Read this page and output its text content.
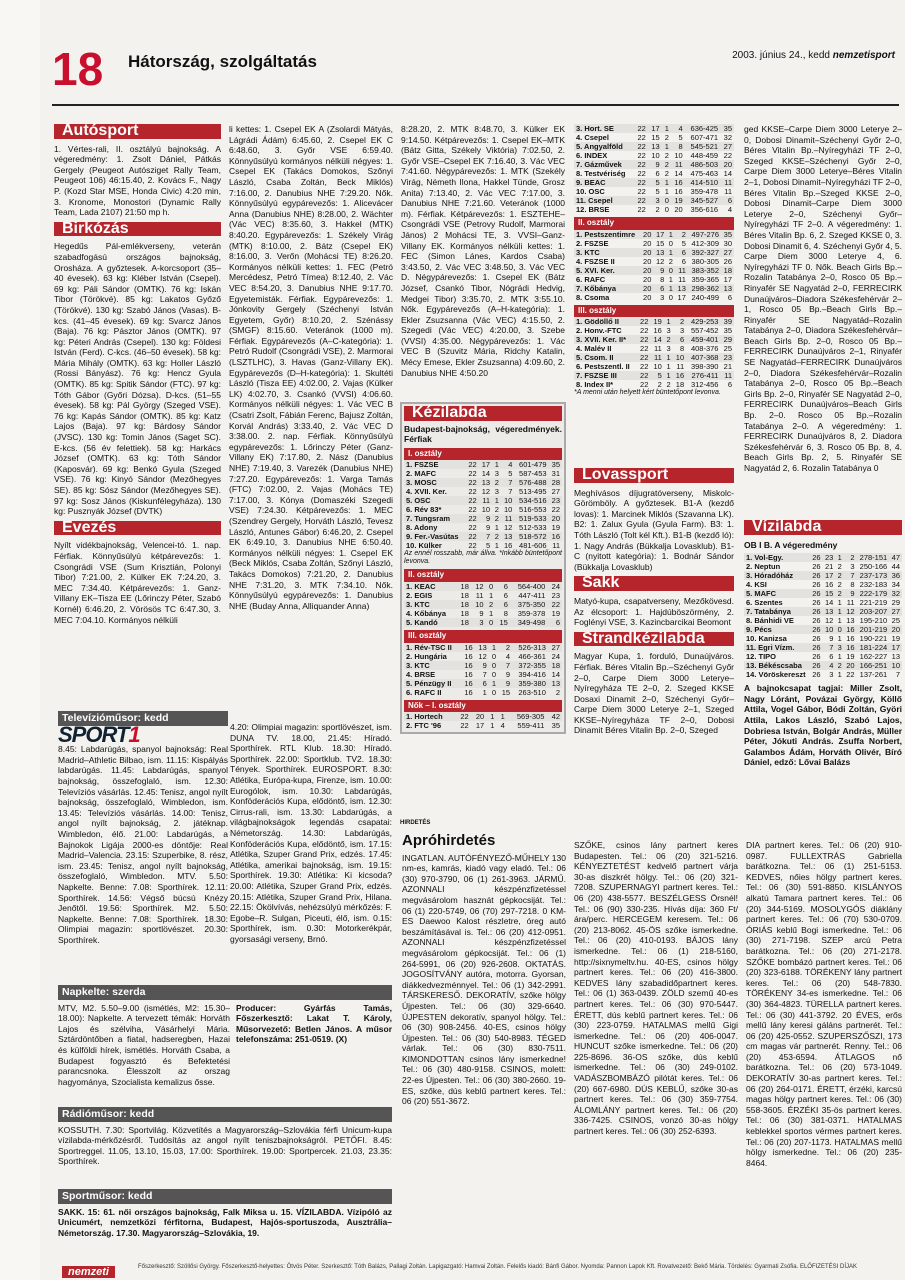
18 Hátország, szolgáltatás	2003. június 24., kedd nemzetisport
Autósport

1. Vértes-rali, II. osztályú bajnokság. A végeredmény: 1. Zsolt Dániel, Pátkás Gergely (Peugeot Autósziget Rally Team, Peugeot 106) 46:15.40, 2. Kovács F., Nagy P. (Kozd Star MSE, Honda Civic) 4:20 min, 3. Kronome, Monostori (Dynamic Rally Team, Lada 2107) 21:50 mp h.

Birkózás

Hegedűs Pál-emlékverseny, veterán szabadfogású országos bajnokság, Orosháza. A győztesek. A-korcsoport (35–40 évesek). 63 kg: Kléber István (Csepel). 69 kg: Páli Sándor (OMTK). 76 kg: Iskán Tibor (Törökvé). 85 kg: Lakatos Győző (Törökvé). 130 kg: Szabó János (Vasas). B-kcs. (41–45 évesek). 69 kg: Svarcz János (Baja). 76 kg: Pásztor János (OMTK). 97 kg: Péteri András (Csepel). 130 kg: Földesi István (Ferd). C-kcs. (46–50 évesek). 58 kg: Mária Mihály (OMTK). 63 kg: Holler László (Rossi Bányász). 76 kg: Hencz Gyula (OMTK). 85 kg: Spitik Sándor (FTC). 97 kg: Tóth Gábor (Győri Dózsa). D-kcs. (51–55 évesek). 58 kg: Pál György (Szeged VSE). 76 kg: Kapás Sándor (OMTK). 85 kg: Katz Lajos (Baja). 97 kg: Bárdosy Sándor (JVSC). 130 kg: Tomin János (Saget SC). E-kcs. (56 év felettiek). 58 kg: Harkács József (OMTK). 63 kg: Tóth Sándor (Kaposvár). 69 kg: Benkó Gyula (Szeged VSE). 76 kg: Kinyó Sándor (Mezőhegyes SE). 85 kg: Sósz Sándor (Mezőhegyes SE). 97 kg: Sosz János (Kiskunfélegyháza). 130 kg: Pusznyák József (DVTK)

Evezés

Nyílt vidékbajnokság, Velencei-tó. 1. nap. Férfiak. Könnyűsúlyú kétpárevezős: 1. Csongrádi VSE (Sum Krisztián, Polonyi Tibor) 7:21.00, 2. Külker EK 7:24.20, 3. MEC 7:34.40. Kétpárevezős: 1. Ganz-Villany EK–Tisza EE (Lőrinczy Péter, Szabó Kornél) 6:46.20, 2. Vörösös TC 6:47.30, 3. MEC 7:04.10. Kormányos nélküli

li kettes: 1. Csepel EK A (Zsolardi Mátyás, Lágrádi Ádám) 6:45.60, 2. Csepel EK C 6:48.60, 3. Győr VSE 6:59.40. Könnyűsúlyú kormányos nélküli négyes: 1. Csepel EK (Takács Domokos, Szőnyi László, Csaba Zoltán, Beck Miklós) 7:16.00, 2. Danubius NHE 7:29.20. Nők. Könnyűsúlyú egypárevezős: 1. Alicevácer Anna (Danubius NHE) 8:28.00, 2. Wächter (Vác VEC) 8:35.60, 3. Hakkel (MTK) 8:40.20. Egypárevezős: 1. Székely Virág (MTK) 8:10.00, 2. Bátz (Csepel EK) 8:16.00, 3. Verőn (Mohácsi TE) 8:26.20. Kormányos nélküli kettes: 1. FEC (Petró Mercédesz, Petró Tímea) 8:12.40, 2. Vác VEC 8:54.20, 3. Danubius NHE 9:17.70. Egyetemisták. Férfiak. Egypárevezős: 1. Jónkovity Gergely (Széchenyi István Egyetem, Győr) 8:10.20, 2. Szénássy (SMGF) 8:15.60. Veteránok (1000 m). Férfiak. Egypárevezős (A–C-kategória): 1. Petró Rudolf (Csongrádi VSE), 2. Marmorai (LSZTLHC), 3. Havas (Ganz-Villany EK). Egypárevezős (D–H-kategória): 1. Skultéti László (Tisza EE) 4:02.00, 2. Vajas (Külker LK) 4:02.70, 3. Csankó (VVSI) 4:06.60. Kormányos nélküli négyes: 1. Vác VEC B (Csatri Zsolt, Fábián Ferenc, Bajusz Zoltán, Korvál András) 3:33.40, 2. Vác VEC D 3:38.00. 2. nap. Férfiak. Könnyűsúlyú egypárevezős: 1. Lőrinczy Péter (Ganz-Villany EK) 7:17.80, 2. Nász (Danubius NHE) 7:19.40, 3. Varezék (Danubius NHE) 7:27.20. Egypárevezős: 1. Varga Tamás (FTC) 7:02.00, 2. Vajas (Mohács TE) 7:17.00, 3. Kónya (Domaszéki Szegedi VSE) 7:24.30. Kétpárevezős: 1. MEC (Szendrey Gergely, Horváth László, Tevesz László, Antunes Gábor) 6:46.20, 2. Csepel EK 6:49.10, 3. Danubius NHE 6:50.40. Kormányos nélküli négyes: 1. Csepel EK (Beck Miklós, Csaba Zoltán, Szőnyi László, Takács Domokos) 7:21.20, 2. Danubius NHE 7:31.20, 3. MTK 7:34.10. Nők. Könnyűsúlyú egypárevezős: 1. Danubius NHE (Buday Anna, Alliquander Anna)

8:28.20, 2. MTK 8:48.70, 3. Külker EK 9:14.50. Kétpárevezős: 1. Csepel EK–MTK (Bátz Gitta, Székely Viktória) 7:02.50, 2. Győr VSE–Csepel EK 7:16.40, 3. Vác VEC 7:41.60. Négypárevezős: 1. MTK (Szekély Virág, Németh Ilona, Hakkel Tünde, Grosz Anita) 7:13.40, 2. Vác VEC 7:17.00, 3. Danubius NHE 7:21.60. Veteránok (1000 m). Férfiak. Kétpárevezős: 1. ESZTEHE–Csongrádi VSE (Petrovy Rudolf, Marmorai János) 2 Mohácsi TE, 3. VVSI–Ganz-Villany EK. Kormányos nélküli kettes: 1. FEC (Simon Lánes, Kardos Csaba) 3:43.50, 2. Vác VEC 3:48.50, 3. Vác VEC D. Négypárevezős: 1. Csepel EK (Bátz József, Csankó Tibor, Nógrádi Hedvig, Medgei Tibor) 3:35.70, 2. MTK 3:55.10. Nők. Egypárevezős (A–H-kategória): 1. Ekler Zsuzsanna (Vác VEC) 4:15.50, 2. Szegedi (Vác VEC) 4:20.00, 3. Szebe (VVSI) 4:35.00. Négypárevezős: 1. Vác VEC B (Szuvitz Mária, Ridchy Katalin, Mécy Emese, Ekler Zsuzsanna) 4:09.60, 2. Danubius NHE 4:50.20

Kézilabda

Budapest-bajnokság, végeredmények. Férfiak

I. osztály
1. FSZSE	22	17	1	4	601-479	35
2. MAFC	22	14	3	5	587-453	31
3. MOSC	22	13	2	7	576-488	28
4. XVII. Ker.	22	12	3	7	513-495	27
5. OSC	22	11	1	10	534-516	23
6. Rév 83*	22	10	2	10	516-553	22
7. Tungsram	22	9	2	11	519-533	20
8. Adony	22	9	1	12	512-533	19
9. Fer.-Vasútas	22	7	2	13	518-572	16
10. Külker	22	5	1	16	481-606	11

Az ennél rosszabb, már állva. *Inkább büntetőpont levonva.

II. osztály
1. KEAC	18	12	0	6	564-400	24
2. EGIS	18	11	1	6	447-411	23
3. KTC	18	10	2	6	375-350	22
4. Kőbánya	18	9	1	8	359-378	19
5. Kandó	18	3	0	15	349-498	6
III. osztály
1. Rév-TSC II	16	13	1	2	526-313	27
2. Hungária	16	12	0	4	466-361	24
3. KTC	16	9	0	7	372-355	18
4. BRSE	16	7	0	9	394-416	14
5. Pénzügy II	16	6	1	9	359-380	13
6. RAFC II	16	1	0	15	263-510	2
Nők – I. osztály
1. Hortech	22	20	1	1	569-305	42
2. FTC '96	22	17	1	4	559-411	35
3. Hort. SE	22	17	1	4	636-425	35
4. Csepel	22	15	2	5	607-471	32
5. Angyalföld	22	13	1	8	545-521	27
6. INDEX	22	10	2	10	448-459	22
7. Gázművek	22	9	2	11	486-503	20
8. Testvériség	22	6	2	14	475-463	14
9. BEAC	22	5	1	16	414-510	11
10. OSC	22	5	1	16	359-478	11
11. Csepel	22	3	0	19	345-527	6
12. BRSE	22	2	0	20	356-616	4
II. osztály
1. Pestszentimre	20	17	1	2	497-276	35
2. FSZSE	20	15	0	5	412-309	30
3. KTC	20	13	1	6	392-327	27
4. FSZSE II	20	12	2	6	380-305	26
5. XVI. Ker.	20	9	0	11	383-352	18
6. RAFC	20	8	1	11	359-365	17
7. Kőbánya	20	6	1	13	298-362	13
8. Csoma	20	3	0	17	240-499	6
III. osztály
1. Gödöllő II	22	19	1	2	429-253	39
2. Honv.-FTC	22	16	3	3	557-452	35
3. XVII. Ker. II*	22	14	2	6	459-401	29
4. Malév II	22	11	3	8	408-376	25
5. Csom. II	22	11	1	10	407-368	23
6. Pestszentl. II	22	10	1	11	398-390	21
7. FSZSE III	22	5	1	16	276-411	11
8. Index II*	22	2	2	18	312-456	6

*A menni után helyett kért büntetőpont levonva.

Lovassport

Meghívásos díjugratóverseny, Miskolc-Görömböly. A győztesek. B1-A (kezdő lovas): 1. Marcinek Miklós (Szavanna LK). B2: 1. Zalux Gyula (Gyula Farm). B3: 1. Tóth László (Tolt kél Kft.). B1-B (kezdő ló): 1. Nagy András (Bükkalja Lovasklub). B1-C (nyitott kategória): 1. Bodnár Sándor (Bükkalja Lovasklub)

Sakk

Matyó-kupa, csapatverseny, Mezőkövesd. Az élcsoport: 1. Hajdúböszörmény, 2. Foglényi VSE, 3. Kazincbarcikai Beomont

Strandkézilabda

Magyar Kupa, 1. forduló, Dunaújváros. Férfiak. Béres Vitalin Bp.–Széchenyi Győr 2–0, Carpe Diem 3000 Leterye–Nyíregyháza TE 2–0, 2. Szeged KKSE Dosaxi Dinamit 2–0, Széchenyi Győr–Carpe Diem 3000 Leterye 2–1, Szeged KKSE–Nyíregyháza TF 2–0, Dobosi Dinamit Béres Vitalin Bp. 2–0, Szeged

ged KKSE–Carpe Diem 3000 Leterye 2–0, Dobosi Dinamit–Széchenyi Győr 2–0, Béres Vitalin Bp.–Nyíregyházi TF 2–0, Szeged KKSE–Széchenyi Győr 2–0, Carpe Diem 3000 Leterye–Béres Vitalin 2–1, Dobosi Dinamit–Nyíregyházi TF 2–0, Béres Vitalin Bp.–Szeged KKSE 2–0, Dobosi Dinamit–Carpe Diem 3000 Leterye 2–0, Széchenyi Győr–Nyíregyházi TF 2–0. A végeredmény: 1. Béres Vitalin Bp. 6, 2. Szeged KKSE 0, 3. Dobosi Dinamit 6, 4. Széchenyi Győr 4, 5. Carpe Diem 3000 Leterye 4, 6. Nyíregyházi TF 0. Nők. Beach Girls Bp.–Rozalin Tatabánya 2–0, Rosco 05 Bp.–Rinyafér SE Nagyatád 2–0, FERRECIRK Dunaújváros–Diadora Székesfehérvár 2–1, Rosco 05 Bp.–Beach Girls Bp.–Rinyafér SE Nagyatád–Rozalin Tatabánya 2–0, Diadora Székesfehérvár–Beach Girls Bp. 2–0, Rosco 05 Bp.–FERRECIRK Dunaújváros 2–1, Rinyafér SE Nagyatád–FERRECIRK Dunaújváros 2–0, Diadora Székesfehérvár–Rozalin Tatabánya 2–0, Rosco 05 Bp.–Beach Girls Bp. 2–0, Rinyafér SE Nagyatád 2–0, FERRECIRK Dunaújváros–Beach Girls Bp. 2–0. Rosco 05 Bp.–Rozalin Tatabánya 2–0. A végeredmény: 1. FERRECIRK Dunaújváros 8, 2. Diadora Székesfehérvár 6, 3. Rosco 05 Bp. 8, 4. Beach Girls Bp. 2, 5. Rinyafér SE Nagyatád 2, 6. Rozalin Tatabánya 0

Vízilabda

OB I B. A végeredmény

1. Vol-Egy.	26	23	1	2	278-151	47
2. Neptun	26	21	2	3	250-166	44
3. Hóradóház	26	17	2	7	237-173	36
4. KSI	26	16	2	8	232-183	34
5. MAFC	26	15	2	9	222-179	32
6. Szentes	26	14	1	11	221-219	29
7. Tatabánya	26	13	1	12	203-207	27
8. Bánhidi VE	26	12	1	13	195-210	25
9. Pécs	26	10	0	16	201-219	20
10. Kanizsa	26	9	1	16	190-221	19
11. Egri Vízm.	26	7	3	16	181-224	17
12. TIPO	26	6	1	19	162-227	13
13. Békéscsaba	26	4	2	20	166-251	10
14. Vöröskereszt	26	3	1	22	137-261	7

A bajnokcsapat tagjai: Miller Zsolt, Nagy Lóránt, Povázai György, Köllő Attila, Vogel Gábor, Bódi Zoltán, Györi Attila, Lakos László, Szabó Lajos, Dobriesa István, Bolgár András, Müller Péter, Jókuti András. Zsuffa Norbert, Galambos Ádám, Horváth Olivér, Bíró Dániel, edző: Lővai Balázs

Televízióműsor: kedd
SPORT1

8.45: Labdarúgás, spanyol bajnokság: Real Madrid–Athletic Bilbao, ism. 11.15: Kispályás labdarúgás. 11.45: Labdarúgás, spanyol bajnokság, összefoglaló, ism. 12.30: Televíziós vásárlás. 12.45: Tenisz, angol nyílt bajnokság, összefoglaló, Wimbledon, ism. 13.45: Televíziós vásárlás. 14.00: Tenisz, angol nyílt bajnokság, 2. játéknap. Wimbledon, élő. 21.00: Labdarúgás, a Bajnokok Ligája 2000-es döntője: Real Madrid–Valencia. 23.15: Szuperbike, 8. rész, ism. 23.45: Tenisz, angol nyílt bajnokság, összefoglaló, Wimbledon. MTV. 5.50: Napkelte. Benne: 7.08: Sporthírek. 12.11: Sporthírek. 14.56: Végső búcsú Knézy Jenőtől. 19.56: Sporthírek. M2. 5.50: Napkelte. Benne: 7.08: Sporthírek. 18.30: Olimpiai magazin: sportlövészet. 20.30: Sporthírek.

4.20: Olimpiai magazin: sportlövészet, ism. DUNA TV. 18.00, 21.45: Híradó. Sporthírek. RTL Klub. 18.30: Híradó. Sporthírek. 22.00: Sportklub. TV2. 18.30: Tények. Sporthírek. EUROSPORT. 8.30: Atlétika, Európa-kupa, Firenze, ism. 10.00: Eurogólok, ism. 10.30: Labdarúgás, Konföderációs Kupa, elődöntő, ism. 12.30: Cirrus-rali, ism. 13.30: Labdarúgás, a világbajnokságok legendás csapatai: Németország. 14.30: Labdarúgás, Konföderációs Kupa, elődöntő, ism. 17.15: Atlétika, Szuper Grand Prix, edzés. 17.45: Atlétika, amerikai bajnokság, ism. 19.15: Sporthírek. 19.30: Atlétika: Ki kicsoda? 20.00: Atlétika, Szuper Grand Prix, edzés. 20.15: Atlétika, Szuper Grand Prix, Hilana. 22.15: Ökölvívás, nehézsúlyú mérkőzés: F. Egobe–R. Sulgan, Piceuti, élő, ism. 0.15: Sporthírek, ism. 0.30: Motorkerékpár, gyorsasági verseny, Brnó.

Napkelte: szerda

MTV, M2. 5.50–9.00 (ismétlés, M2: 15.30–18.00): Napkelte. A tervezett témák: Horváth Lajos és szélviha, Vásárhelyi Mária. Sztárdöntőben a fiatal, hadseregben, Hazai és külföldi hírek, ismétlés. Horváth Csaba, a Budapest fogyasztó és Befektetési parancsnoka. Élesszolt az orszag hagyománya, Szocialista kemalizus ősse.

Producer: Gyárfás Tamás, Főszerkesztő: Lakat T. Károly, Műsorvezető: Betlen János. A műsor telefonszáma: 251-0519. (X)

Rádióműsor: kedd

KOSSUTH. 7.30: Sportvilág. Közvetítés a Magyarország–Szlovákia férfi Unicum-kupa vízilabda-mérkőzésről. Tudósítás az angol nyílt teniszbajnokságról. PETŐFI. 8.45: Sportreggel. 11.05, 13.10, 15.03, 17.00: Sporthírek. 19.00: Sportpercek. 21.03, 23.35: Sporthírek.

Sportműsor: kedd

SAKK. 15: 61. női országos bajnokság, Falk Miksa u. 15. VÍZILABDA. Vízipóló az Unicumért, nemzetközi férfitorna, Budapest, Hajós-sportuszoda, Ausztrália–Németország. 17.30. Magyarország–Szlovákia, 19.

HIRDETÉS
Apróhirdetés

INGATLAN. AUTÓFÉNYEZŐ-MŰHELY 130 nm-es, kamrás, kiadó vagy eladó. Tel.: 06 (30) 970-3790, 06 (1) 261-3963. JÁRMŰ. AZONNALI készpénzfizetéssel megvásárolom hasznát gépkocsiját. Tel.: 06 (1) 220-5749, 06 (70) 297-7218. 0 KM-ES Daewoo Kalost részletre, óreg autó beszámításával is. Tel.: 06 (20) 412-0951. AZONNALI készpénzfizetéssel megvásárolom gépkocsiját. Tel.: 06 (1) 264-5991, 06 (20) 926-2608. OKTATÁS. JOGOSÍTVÁNY autóra, motorra. Gyorsan, diákkedvezménnyel. Tel.: 06 (1) 342-2991. TÁRSKERESŐ. DEKORATÍV, szőke hölgy Újpesten. Tel.: 06 (30) 329-6640. ÚJPESTEN dekoratív, spanyol hölgy. Tel.: 06 (30) 908-2456. 40-ES, csinos hölgy Újpesten. Tel.: 06 (30) 540-8983. TÉGED várlak. Tel.: 06 (30) 830-7511. KIMONDOTTAN csinos lány ismerkedne! Tel.: 06 (30) 480-9158. CSINOS, molett: 22-es Újpesten. Tel.: 06 (30) 380-2660. 19-ES, szőke, dús keblű partnert keres. Tel.: 06 (20) 551-3672.

SZŐKE, csinos lány partnert keres Budapesten. Tel.: 06 (20) 321-5216. KÉNYEZTETÉST kedvelő partnert várja 30-as diszkrét hölgy. Tel.: 06 (20) 321-7208. SZUPERNAGYI partnert keres. Tel.: 06 (20) 438-5577. BESZÉLGESS Örsnél! Tel.: 06 (90) 330-235. Hívás díja: 360 Ft/ára/perc. HERCEGEM keresem. Tel.: 06 (20) 213-8062. 45-ÖS szőke ismerkedne. Tel.: 06 (20) 410-0193. BÁJOS lány ismerkedne. Tel.: 06 (1) 218-5160, http://sixnymeltv.hu. 40-ES, csinos hölgy partnert keres. Tel.: 06 (20) 416-3800. KEDVES lány szabadidőpartnert keres. Tel.: 06 (1) 363-0439. ZÖLD szemű 40-es partnert keres. Tel.: 06 (30) 970-5447. ÉRETT, dús keblű partnert keres. Tel.: 06 (30) 223-0759. HATALMAS mellű Gigi ismerkedne. Tel.: 06 (20) 406-0047. HUNCUT szőke ismerkedne. Tel.: 06 (20) 225-8696. 36-OS szőke, dús keblű ismerkedne. Tel.: 06 (30) 249-0102. VADÁSZBOMBÁZÓ pilótát keres. Tel.: 06 (20) 667-6980. DÚS KEBLŰ, szőke 30-as partnert keres. Tel.: 06 (30) 359-7754. ÁLOMLÁNY partnert keres. Tel.: 06 (20) 336-7425. CSINOS, vonzó 30-as hölgy partnert keres. Tel.: 06 (30) 252-6393.

DIA partnert keres. Tel.: 06 (20) 910-0987. FULLEXTRÁS Gabriella barátkozna. Tel.: 06 (1) 251-5153. KEDVES, nőies hölgy partnert keres. Tel.: 06 (30) 591-8850. KISLÁNYOS alkatú Tamara partnert keres. Tel.: 06 (20) 344-5169. MOSOLYGÓS diáklány partnert keres. Tel.: 06 (70) 530-0709. ÓRIÁS keblű Bogi ismerkedne. Tel.: 06 (30) 271-7198. SZEP arcú Petra barátkozna. Tel.: 06 (20) 271-2178. SZŐKE bombázó partnert keres. Tel.: 06 (20) 323-6188. TÖRÉKENY lány partnert keres. Tel.: 06 (20) 548-7830. TÖRÉKENY 34-es ismerkedne. Tel.: 06 (30) 364-4823. TÜRELLA partnert keres. Tel.: 06 (30) 441-3792. 20 ÉVES, erős mellű lány keresi gáláns partnerét. Tel.: 06 (20) 425-0552. SZUPERSZŐSZI, 173 cm magas vár partnerét. Renny. Tel.: 06 (20) 453-6594. ÁTLAGOS nő barátkozna. Tel.: 06 (20) 573-1049. DEKORATÍV 30-as partnert keres. Tel.: 06 (20) 264-0171. ÉRETT, érzéki, karcsú magas hölgy partnert keres. Tel.: 06 (30) 558-3605. ÉRZÉKI 35-ös partnert keres. Tel.: 06 (30) 381-0371. HATALMAS keblekkel sportos vérmes partnert keres. Tel.: 06 (20) 207-1173. HATALMAS mellű hölgy ismerkedne. Tel.: 06 (20) 235-8464.

Főszerkesztő: Szöllősi György. Főszerkesztő-helyettes: Ötvös Péter. Szerkesztő: Tóth Balázs, Pallagi Zoltán. Lapigazgató: Hamvai Zoltán. Felelős kiadó: Bánfi Gábor. Nyomda: Pannon Lapok Kft. Rovatvezető: Bekő Mária. Tördelés: Gyarmati Zsófia. ELŐFIZETÉSI DÍJAK
nemzeti
